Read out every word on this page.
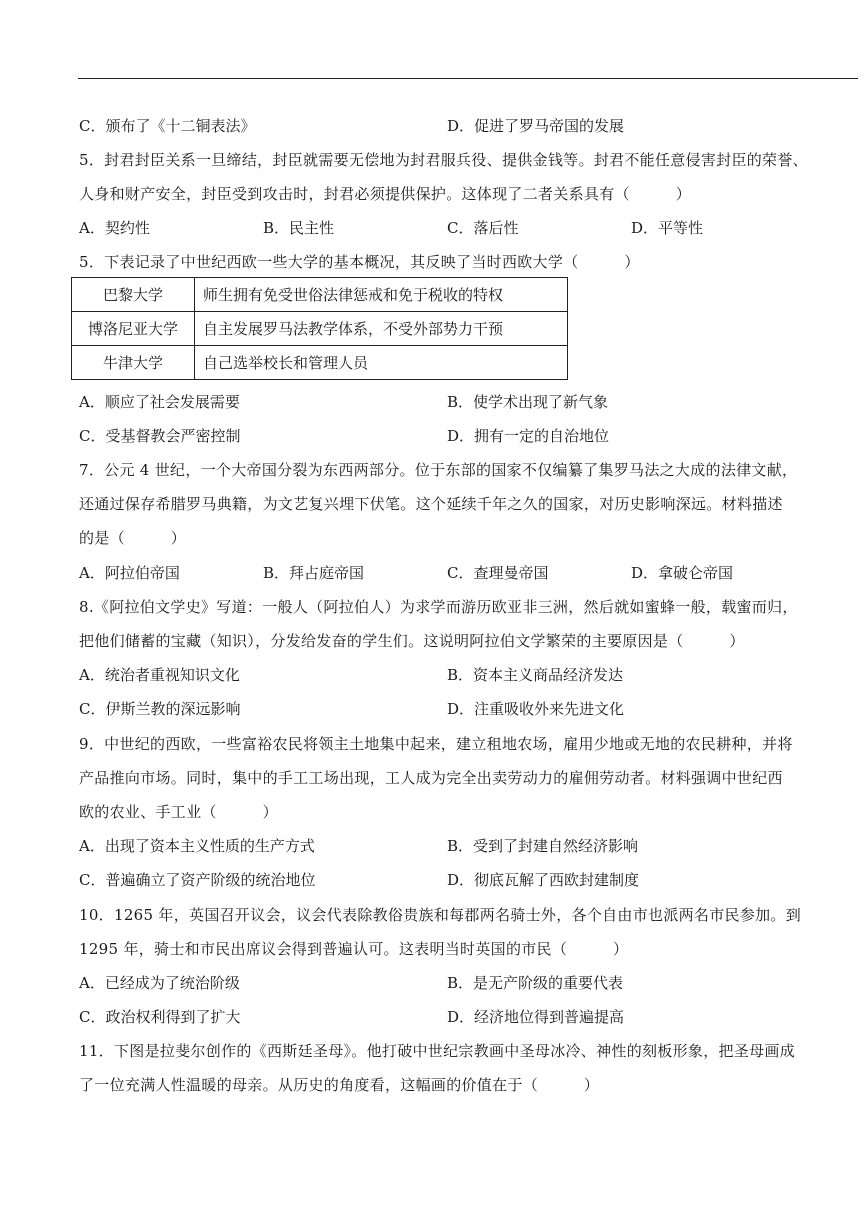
C．颁布了《十二铜表法》	D．促进了罗马帝国的发展
5．封君封臣关系一旦缔结，封臣就需要无偿地为封君服兵役、提供金钱等。封君不能任意侵害封臣的荣誉、
人身和财产安全，封臣受到攻击时，封君必须提供保护。这体现了二者关系具有（　　　）
A．契约性	B．民主性	C．落后性	D．平等性
5．下表记录了中世纪西欧一些大学的基本概况，其反映了当时西欧大学（　　　）
巴黎大学	师生拥有免受世俗法律惩戒和免于税收的特权
博洛尼亚大学	自主发展罗马法教学体系，不受外部势力干预
牛津大学	自己选举校长和管理人员
A．顺应了社会发展需要	B．使学术出现了新气象
C．受基督教会严密控制	D．拥有一定的自治地位
7．公元 4 世纪，一个大帝国分裂为东西两部分。位于东部的国家不仅编纂了集罗马法之大成的法律文献，
还通过保存希腊罗马典籍，为文艺复兴埋下伏笔。这个延续千年之久的国家，对历史影响深远。材料描述
的是（　　　）
A．阿拉伯帝国	B．拜占庭帝国	C．查理曼帝国	D．拿破仑帝国
8.《阿拉伯文学史》写道：一般人（阿拉伯人）为求学而游历欧亚非三洲，然后就如蜜蜂一般，载蜜而归，
把他们储蓄的宝藏（知识），分发给发奋的学生们。这说明阿拉伯文学繁荣的主要原因是（　　　）
A．统治者重视知识文化	B．资本主义商品经济发达
C．伊斯兰教的深远影响	D．注重吸收外来先进文化
9．中世纪的西欧，一些富裕农民将领主土地集中起来，建立租地农场，雇用少地或无地的农民耕种，并将
产品推向市场。同时，集中的手工工场出现，工人成为完全出卖劳动力的雇佣劳动者。材料强调中世纪西
欧的农业、手工业（　　　）
A．出现了资本主义性质的生产方式	B．受到了封建自然经济影响
C．普遍确立了资产阶级的统治地位	D．彻底瓦解了西欧封建制度
10．1265 年，英国召开议会，议会代表除教俗贵族和每郡两名骑士外，各个自由市也派两名市民参加。到
1295 年，骑士和市民出席议会得到普遍认可。这表明当时英国的市民（　　　）
A．已经成为了统治阶级	B．是无产阶级的重要代表
C．政治权利得到了扩大	D．经济地位得到普遍提高
11．下图是拉斐尔创作的《西斯廷圣母》。他打破中世纪宗教画中圣母冰冷、神性的刻板形象，把圣母画成
了一位充满人性温暖的母亲。从历史的角度看，这幅画的价值在于（　　　）
